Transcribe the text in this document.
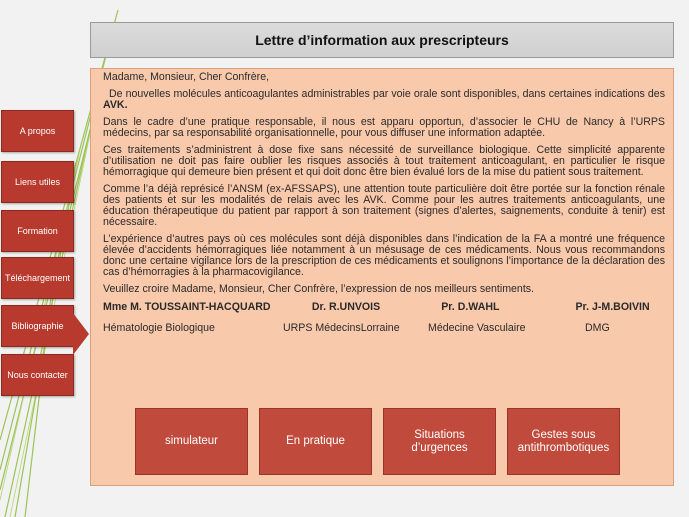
Lettre d’information aux prescripteurs
A propos
Liens utiles
Formation
Téléchargement
Bibliographie
Nous contacter

Madame, Monsieur, Cher Confrère,

De nouvelles molécules anticoagulantes administrables par voie orale sont disponibles, dans certaines indications des AVK.

Dans le cadre d’une pratique responsable, il nous est apparu opportun, d’associer le CHU de Nancy à l’URPS médecins, par sa responsabilité organisationnelle, pour vous diffuser une information adaptée.

Ces traitements s’administrent à dose fixe sans nécessité de surveillance biologique. Cette simplicité apparente d’utilisation ne doit pas faire oublier les risques associés à tout traitement anticoagulant, en particulier le risque hémorragique qui demeure bien présent et qui doit donc être bien évalué lors de la mise du patient sous traitement.

Comme l’a déjà représicé l’ANSM (ex-AFSSAPS), une attention toute particulière doit être portée sur la fonction rénale des patients et sur les modalités de relais avec les AVK. Comme pour les autres traitements anticoagulants, une éducation thérapeutique du patient par rapport à son traitement (signes d’alertes, saignements, conduite à tenir) est nécessaire.

L’expérience d’autres pays où ces molécules sont déjà disponibles dans l’indication de la FA a montré une fréquence élevée d’accidents hémorragiques liée notamment à un mésusage de ces médicaments. Nous vous recommandons donc une certaine vigilance lors de la prescription de ces médicaments et soulignons l’importance de la déclaration des cas d’hémorragies à la pharmacovigilance.

Veuillez croire Madame, Monsieur, Cher Confrère, l’expression de nos meilleurs sentiments.

Mme M. TOUSSAINT-HACQUARD	Dr. R.UNVOIS	Pr. D.WAHL	Pr. J-M.BOIVIN
Hématologie Biologique	URPS MédecinsLorraine	Médecine Vasculaire	DMG
simulateur	En pratique
Situations
d’urgences
Gestes sous
antithrombotiques
